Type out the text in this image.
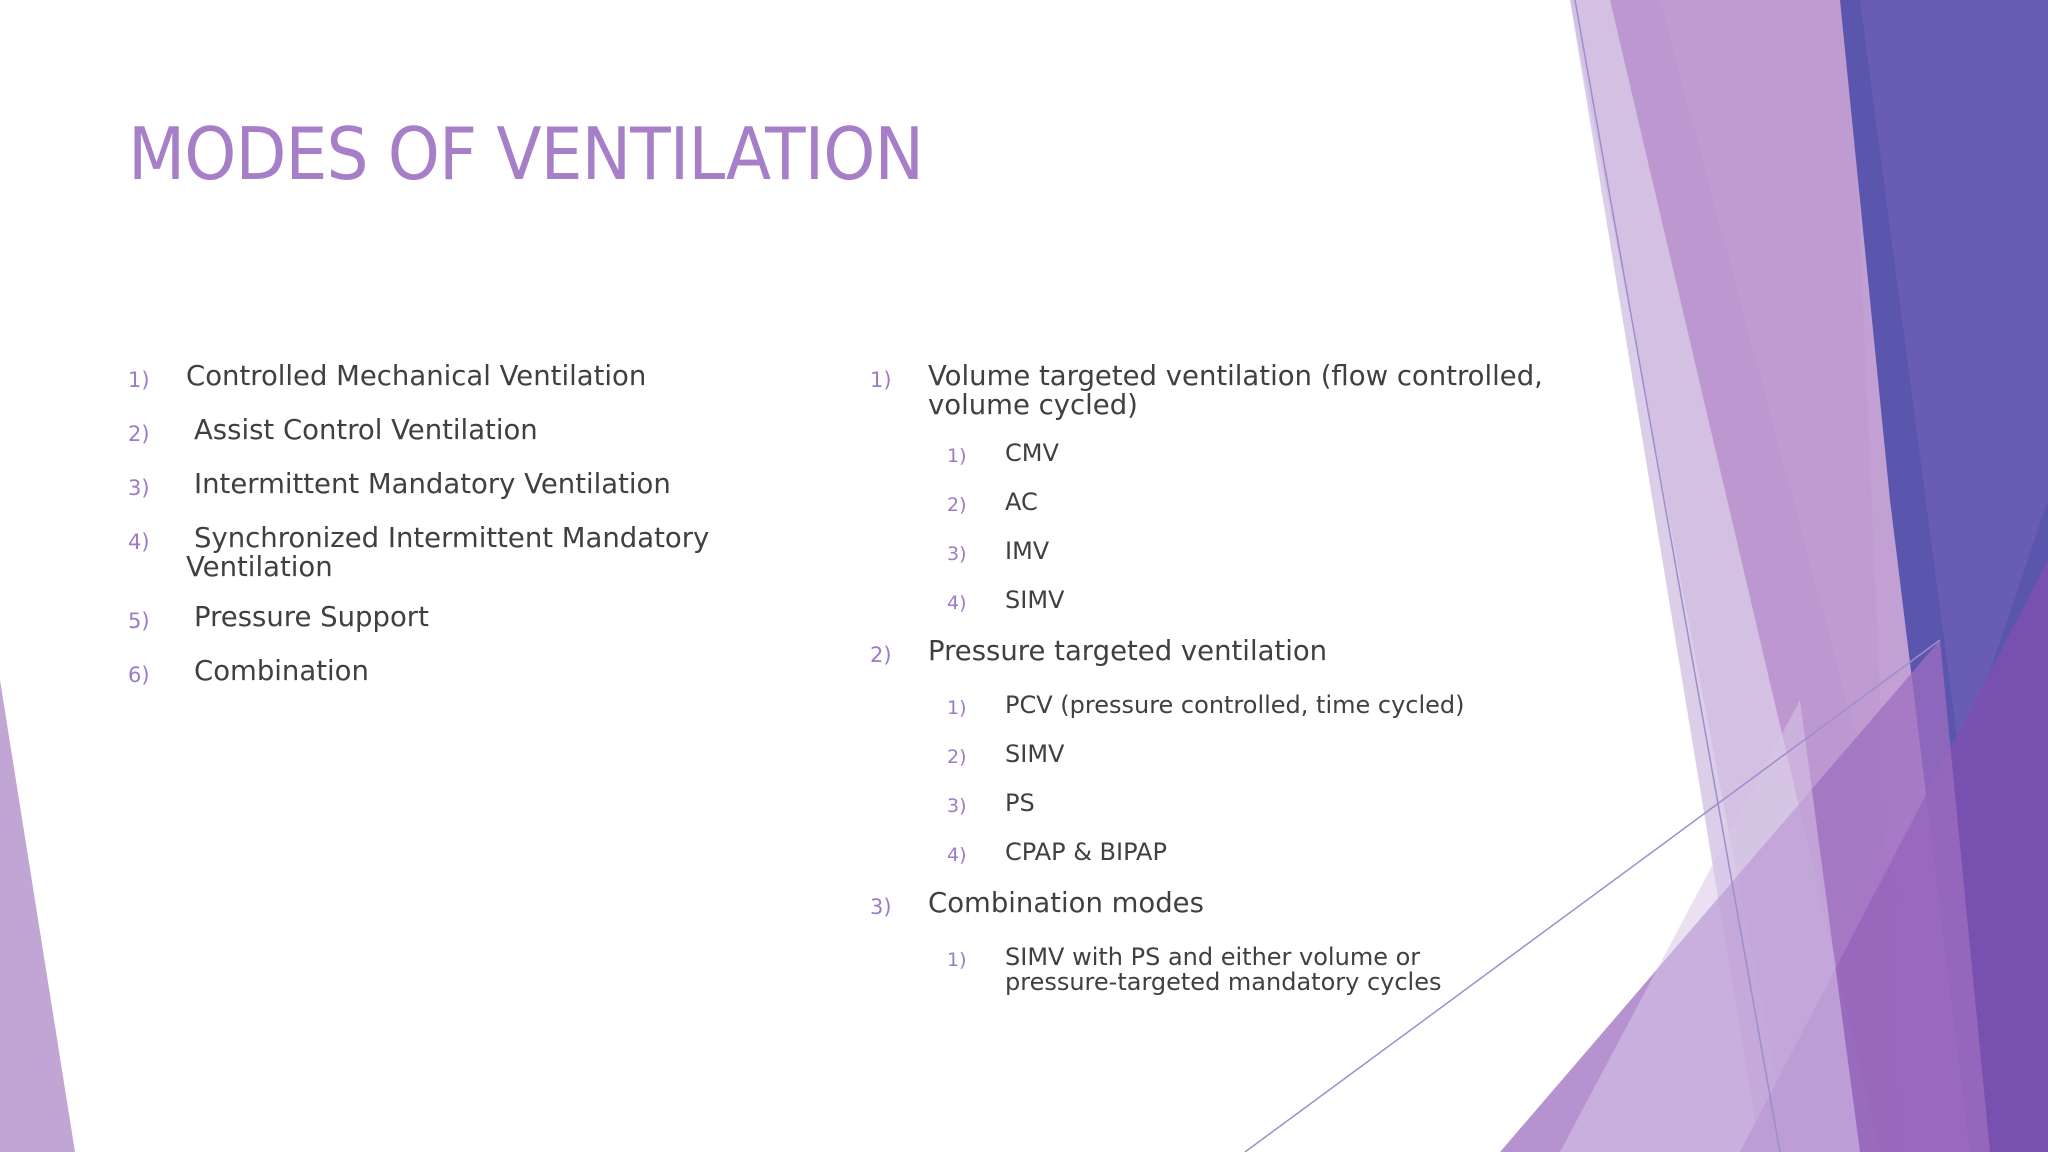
MODES OF VENTILATION
1)	Controlled Mechanical Ventilation
2)	Assist Control Ventilation
3)	Intermittent Mandatory Ventilation
4)	Synchronized Intermittent Mandatory Ventilation
5)	Pressure Support
6)	Combination
1)	Volume targeted ventilation (flow controlled, volume cycled)
1)	CMV
2)	AC
3)	IMV
4)	SIMV
2)	Pressure targeted ventilation
1)	PCV (pressure controlled, time cycled)
2)	SIMV
3)	PS
4)	CPAP & BIPAP
3)	Combination modes
1)	SIMV with PS and either volume or pressure-targeted mandatory cycles
